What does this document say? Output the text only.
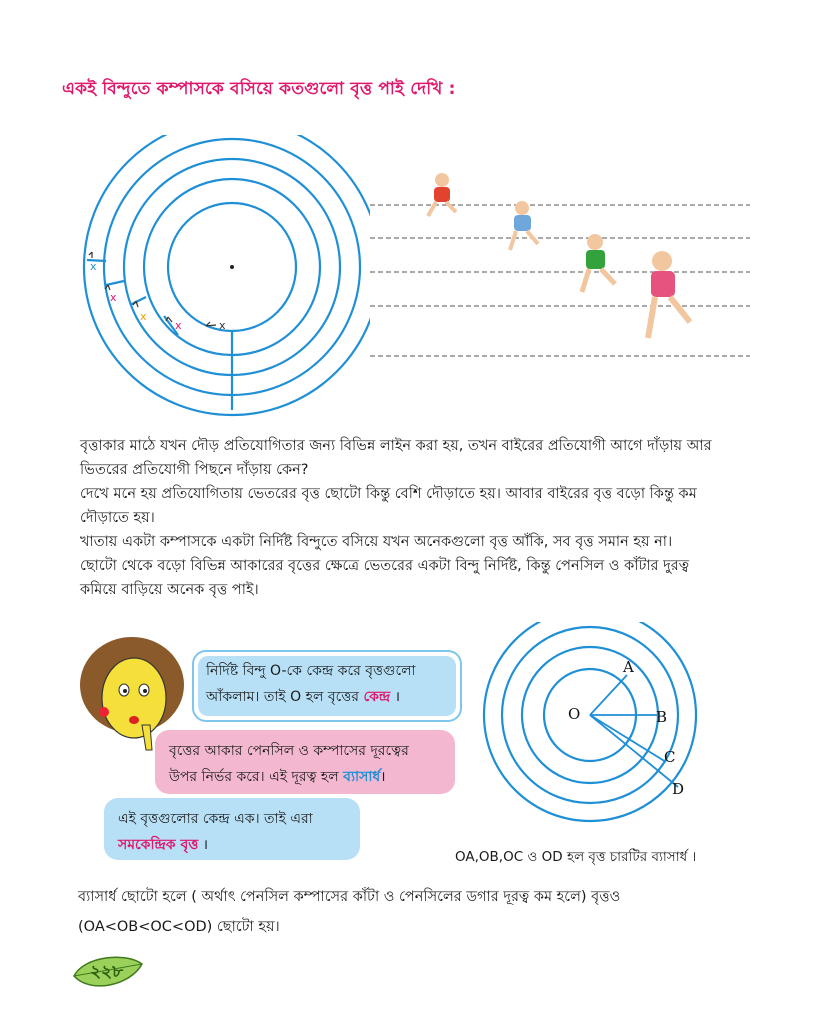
একই বিন্দুতে কম্পাসকে বসিয়ে কতগুলো বৃত্ত পাই দেখি :
x
x
x
x
x
বৃত্তাকার মাঠে যখন দৌড় প্রতিযোগিতার জন্য বিভিন্ন লাইন করা হয়, তখন বাইরের প্রতিযোগী আগে দাঁড়ায় আর
ভিতরের প্রতিযোগী পিছনে দাঁড়ায় কেন?
দেখে মনে হয় প্রতিযোগিতায় ভেতরের বৃত্ত ছোটো কিন্তু বেশি দৌড়াতে হয়। আবার বাইরের বৃত্ত বড়ো কিন্তু কম
দৌড়াতে হয়।
খাতায় একটা কম্পাসকে একটা নির্দিষ্ট বিন্দুতে বসিয়ে যখন অনেকগুলো বৃত্ত আঁকি, সব বৃত্ত সমান হয় না।
ছোটো থেকে বড়ো বিভিন্ন আকারের বৃত্তের ক্ষেত্রে ভেতরের একটা বিন্দু নির্দিষ্ট, কিন্তু পেনসিল ও কাঁটার দুরত্ব
কমিয়ে বাড়িয়ে অনেক বৃত্ত পাই।
নির্দিষ্ট বিন্দু O-কে কেন্দ্র করে বৃত্তগুলো
আঁকলাম। তাই O হল বৃত্তের কেন্দ্র ।
বৃত্তের আকার পেনসিল ও কম্পাসের দূরত্বের
উপর নির্ভর করে। এই দূরত্ব হল ব্যাসার্ধ।
এই বৃত্তগুলোর কেন্দ্র এক। তাই এরা
সমকেন্দ্রিক বৃত্ত ।
O
A
B
C
D
OA,OB,OC ও OD হল বৃত্ত চারটির ব্যাসার্ধ ।
ব্যাসার্ধ ছোটো হলে ( অর্থাৎ পেনসিল কম্পাসের কাঁটা ও পেনসিলের ডগার দূরত্ব কম হলে) বৃত্তও
(OA<OB<OC<OD) ছোটো হয়।
২২৮
